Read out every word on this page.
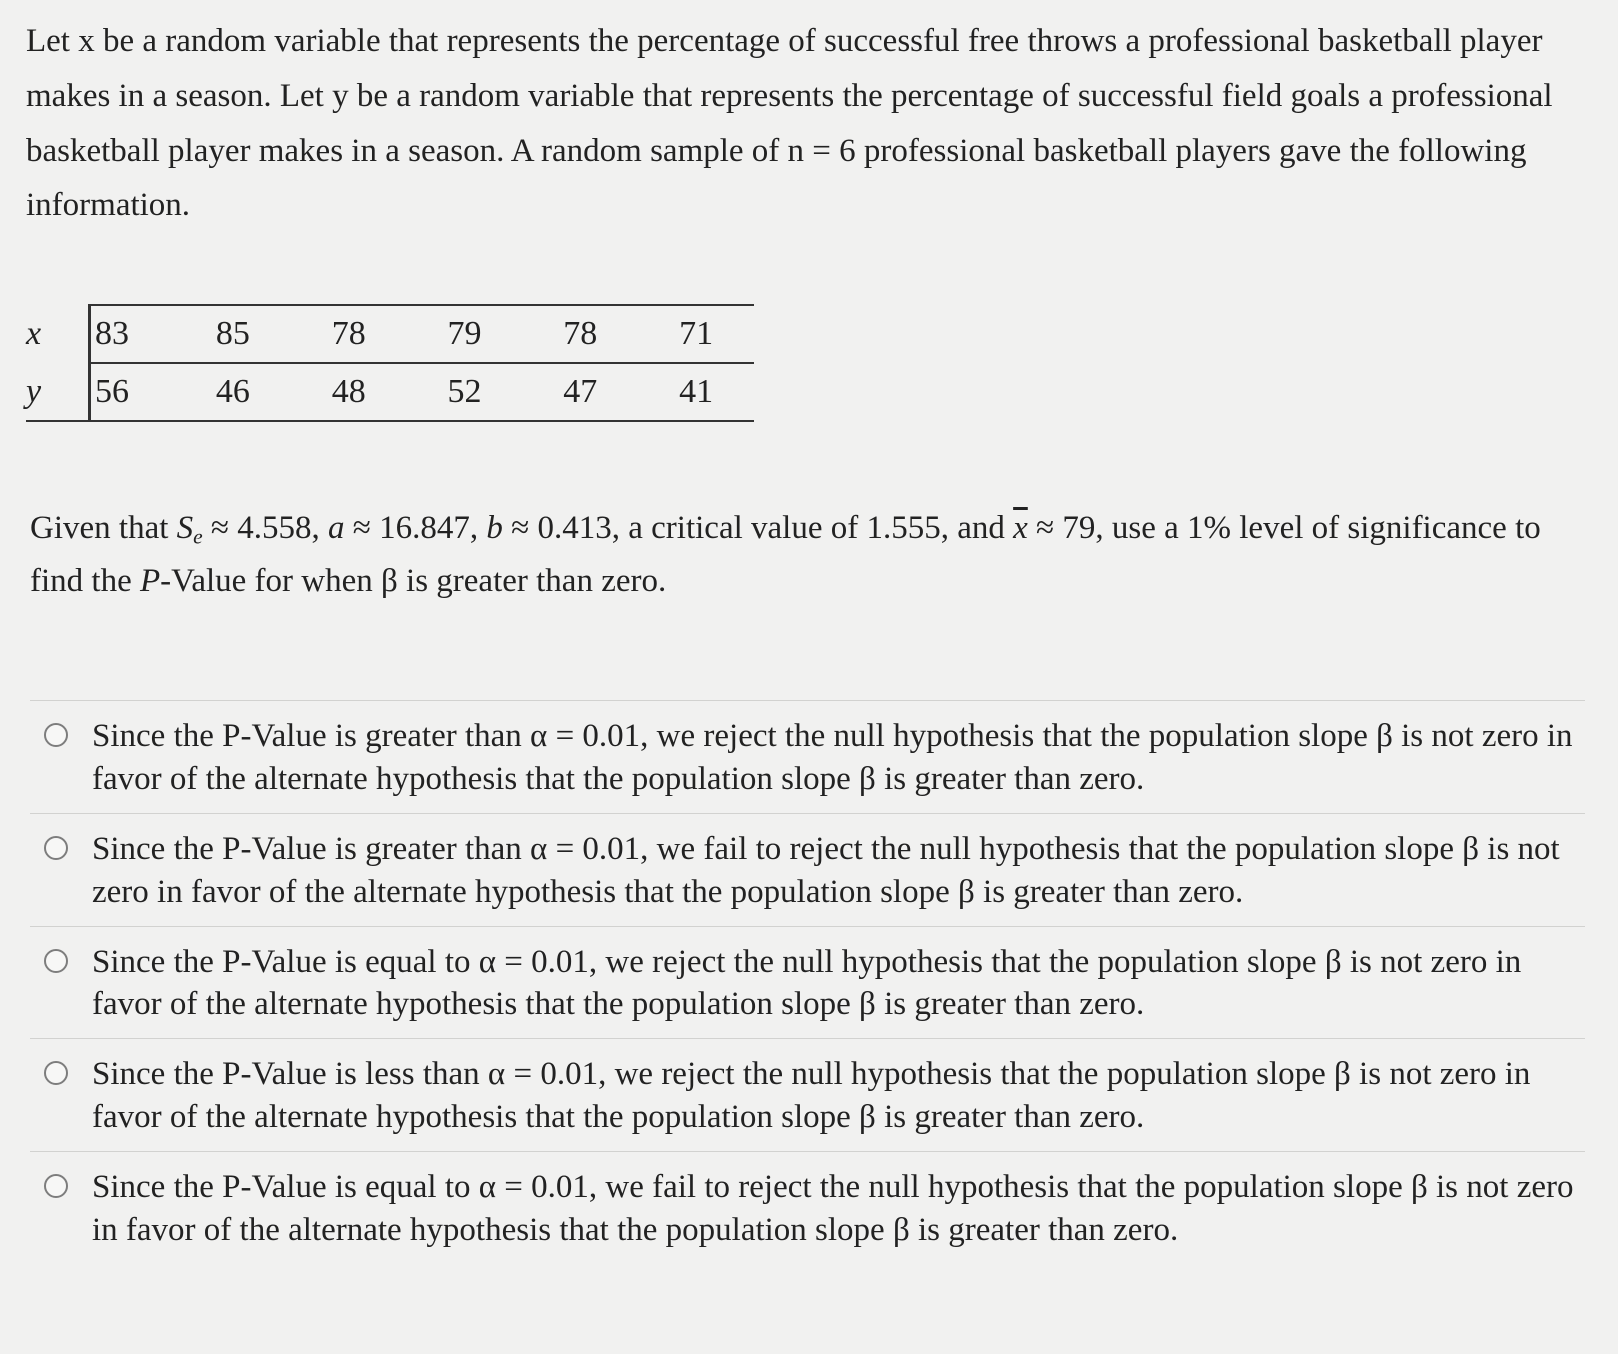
Let x be a random variable that represents the percentage of successful free throws a professional basketball player makes in a season. Let y be a random variable that represents the percentage of successful field goals a professional basketball player makes in a season. A random sample of n = 6 professional basketball players gave the following information.

x	83	85	78	79	78	71
y	56	46	48	52	47	41

Given that $S_e \approx 4.558$, a ≈ 16.847, b ≈ 0.413, a critical value of 1.555, and $\overline{x} \approx 79$, use a 1% level of significance to find the P-Value for when β is greater than zero.

Since the P-Value is greater than α = 0.01, we reject the null hypothesis that the population slope β is not zero in favor of the alternate hypothesis that the population slope β is greater than zero.
Since the P-Value is greater than α = 0.01, we fail to reject the null hypothesis that the population slope β is not zero in favor of the alternate hypothesis that the population slope β is greater than zero.
Since the P-Value is equal to α = 0.01, we reject the null hypothesis that the population slope β is not zero in favor of the alternate hypothesis that the population slope β is greater than zero.
Since the P-Value is less than α = 0.01, we reject the null hypothesis that the population slope β is not zero in favor of the alternate hypothesis that the population slope β is greater than zero.
Since the P-Value is equal to α = 0.01, we fail to reject the null hypothesis that the population slope β is not zero in favor of the alternate hypothesis that the population slope β is greater than zero.
